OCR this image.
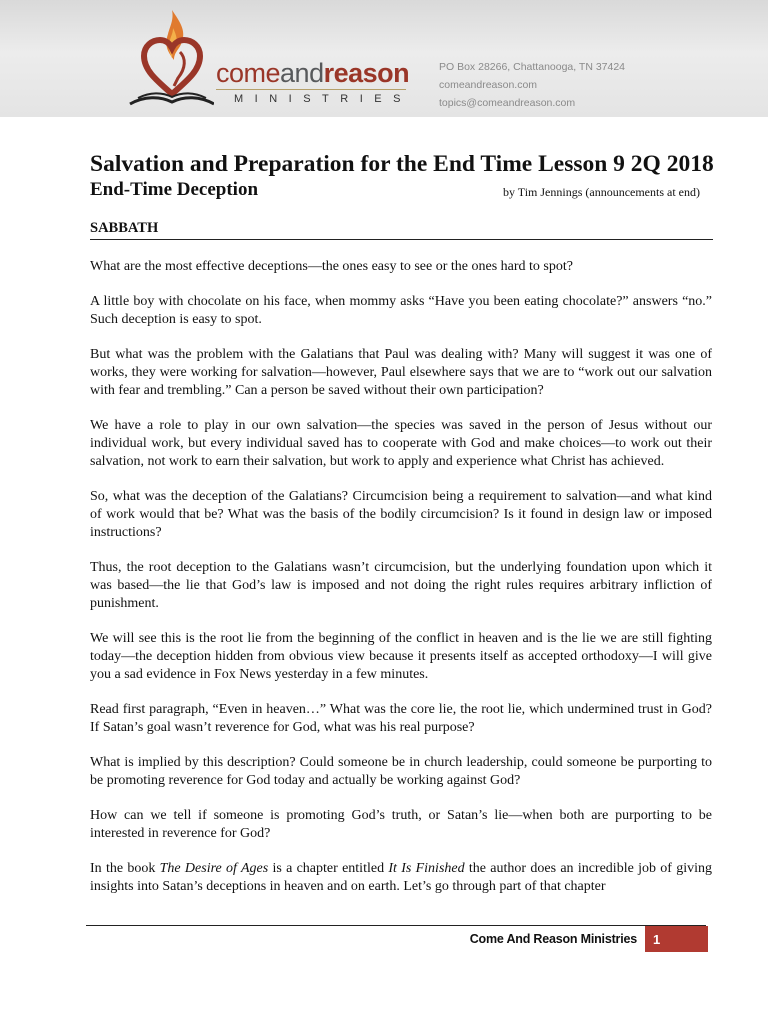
comeandreason
MINISTRIES
PO Box 28266, Chattanooga, TN 37424
comeandreason.com
topics@comeandreason.com
Salvation and Preparation for the End Time Lesson 9 2Q 2018
End-Time Deception	by Tim Jennings (announcements at end)
SABBATH

What are the most effective deceptions—the ones easy to see or the ones hard to spot?

A little boy with chocolate on his face, when mommy asks “Have you been eating chocolate?” answers “no.” Such deception is easy to spot.

But what was the problem with the Galatians that Paul was dealing with? Many will suggest it was one of works, they were working for salvation—however, Paul elsewhere says that we are to “work out our salvation with fear and trembling.” Can a person be saved without their own participation?

We have a role to play in our own salvation—the species was saved in the person of Jesus without our individual work, but every individual saved has to cooperate with God and make choices—to work out their salvation, not work to earn their salvation, but work to apply and experience what Christ has achieved.

So, what was the deception of the Galatians? Circumcision being a requirement to salvation—and what kind of work would that be? What was the basis of the bodily circumcision? Is it found in design law or imposed instructions?

Thus, the root deception to the Galatians wasn’t circumcision, but the underlying foundation upon which it was based—the lie that God’s law is imposed and not doing the right rules requires arbitrary infliction of punishment.

We will see this is the root lie from the beginning of the conflict in heaven and is the lie we are still fighting today—the deception hidden from obvious view because it presents itself as accepted orthodoxy—I will give you a sad evidence in Fox News yesterday in a few minutes.

Read first paragraph, “Even in heaven…” What was the core lie, the root lie, which undermined trust in God? If Satan’s goal wasn’t reverence for God, what was his real purpose?

What is implied by this description? Could someone be in church leadership, could someone be purporting to be promoting reverence for God today and actually be working against God?

How can we tell if someone is promoting God’s truth, or Satan’s lie—when both are purporting to be interested in reverence for God?

In the book The Desire of Ages is a chapter entitled It Is Finished the author does an incredible job of giving insights into Satan’s deceptions in heaven and on earth. Let’s go through part of that chapter

Come And Reason Ministries	1
